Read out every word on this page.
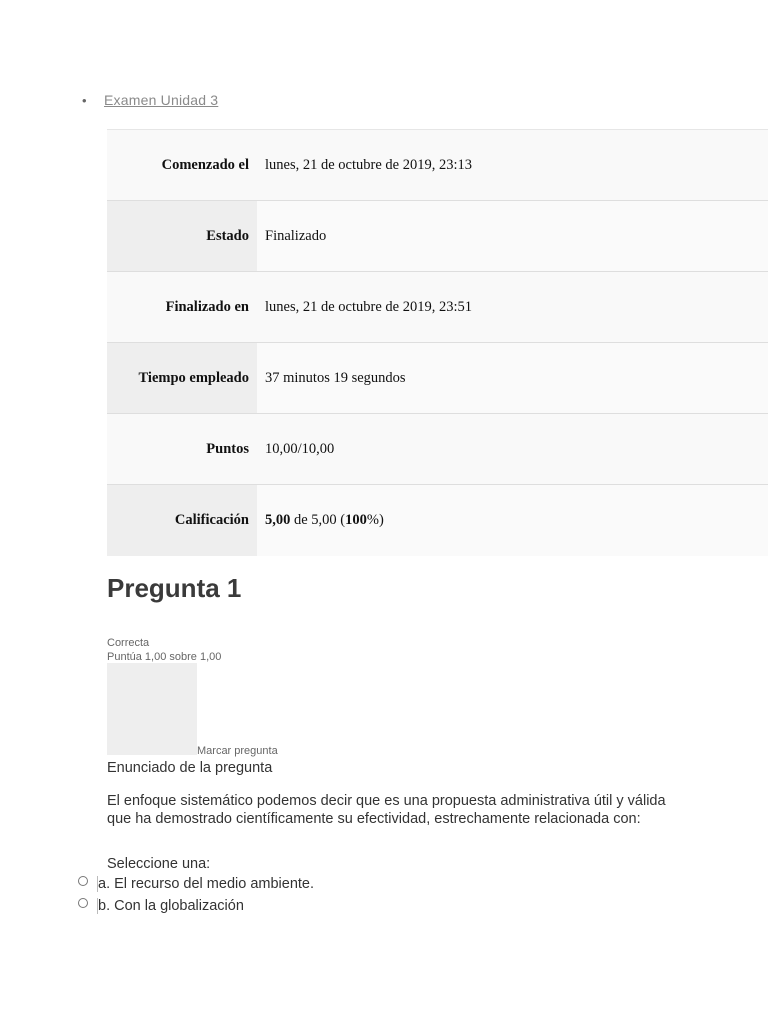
• Examen Unidad 3
Comenzado el	lunes, 21 de octubre de 2019, 23:13
Estado	Finalizado
Finalizado en	lunes, 21 de octubre de 2019, 23:51
Tiempo empleado	37 minutos 19 segundos
Puntos	10,00/10,00
Calificación	5,00 de 5,00 (100%)
Pregunta 1
Correcta
Puntúa 1,00 sobre 1,00
Marcar pregunta
Enunciado de la pregunta
El enfoque sistemático podemos decir que es una propuesta administrativa útil y válida que ha demostrado científicamente su efectividad, estrechamente relacionada con:
Seleccione una:
a. El recurso del medio ambiente.
b. Con la globalización
